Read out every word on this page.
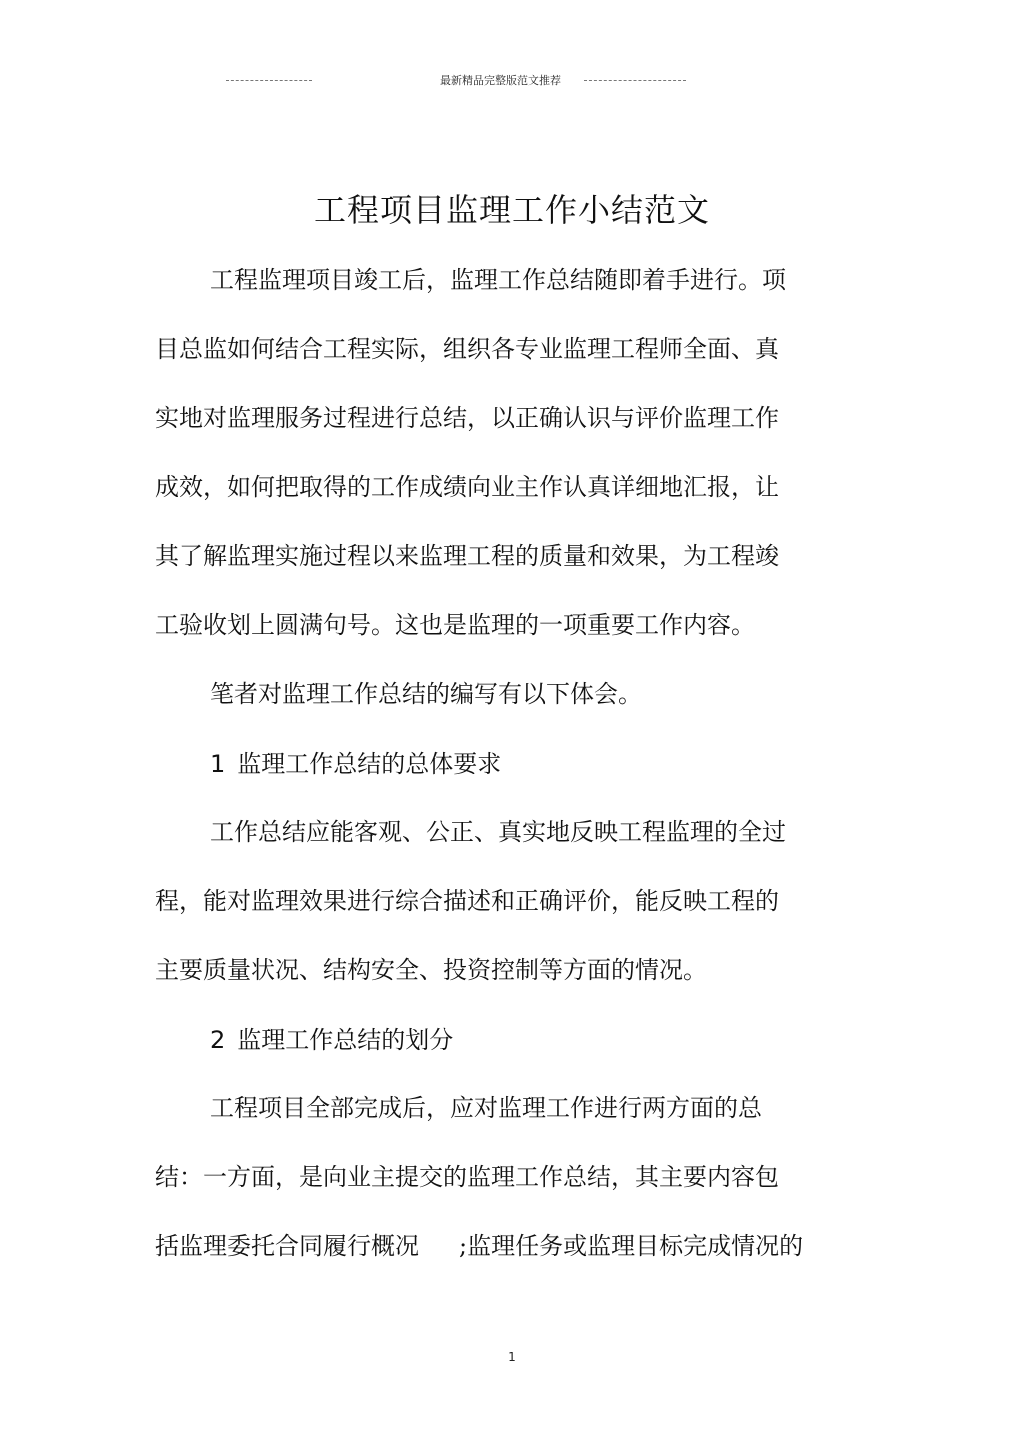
最新精品完整版范文推荐
工程项目监理工作小结范文
工程监理项目竣工后，监理工作总结随即着手进行。项
目总监如何结合工程实际，组织各专业监理工程师全面、真
实地对监理服务过程进行总结，以正确认识与评价监理工作
成效，如何把取得的工作成绩向业主作认真详细地汇报，让
其了解监理实施过程以来监理工程的质量和效果，为工程竣
工验收划上圆满句号。这也是监理的一项重要工作内容。
笔者对监理工作总结的编写有以下体会。
1 监理工作总结的总体要求
工作总结应能客观、公正、真实地反映工程监理的全过
程，能对监理效果进行综合描述和正确评价，能反映工程的
主要质量状况、结构安全、投资控制等方面的情况。
2 监理工作总结的划分
工程项目全部完成后，应对监理工作进行两方面的总
结：一方面，是向业主提交的监理工作总结，其主要内容包
括监理委托合同履行概况 ;监理任务或监理目标完成情况的
1
